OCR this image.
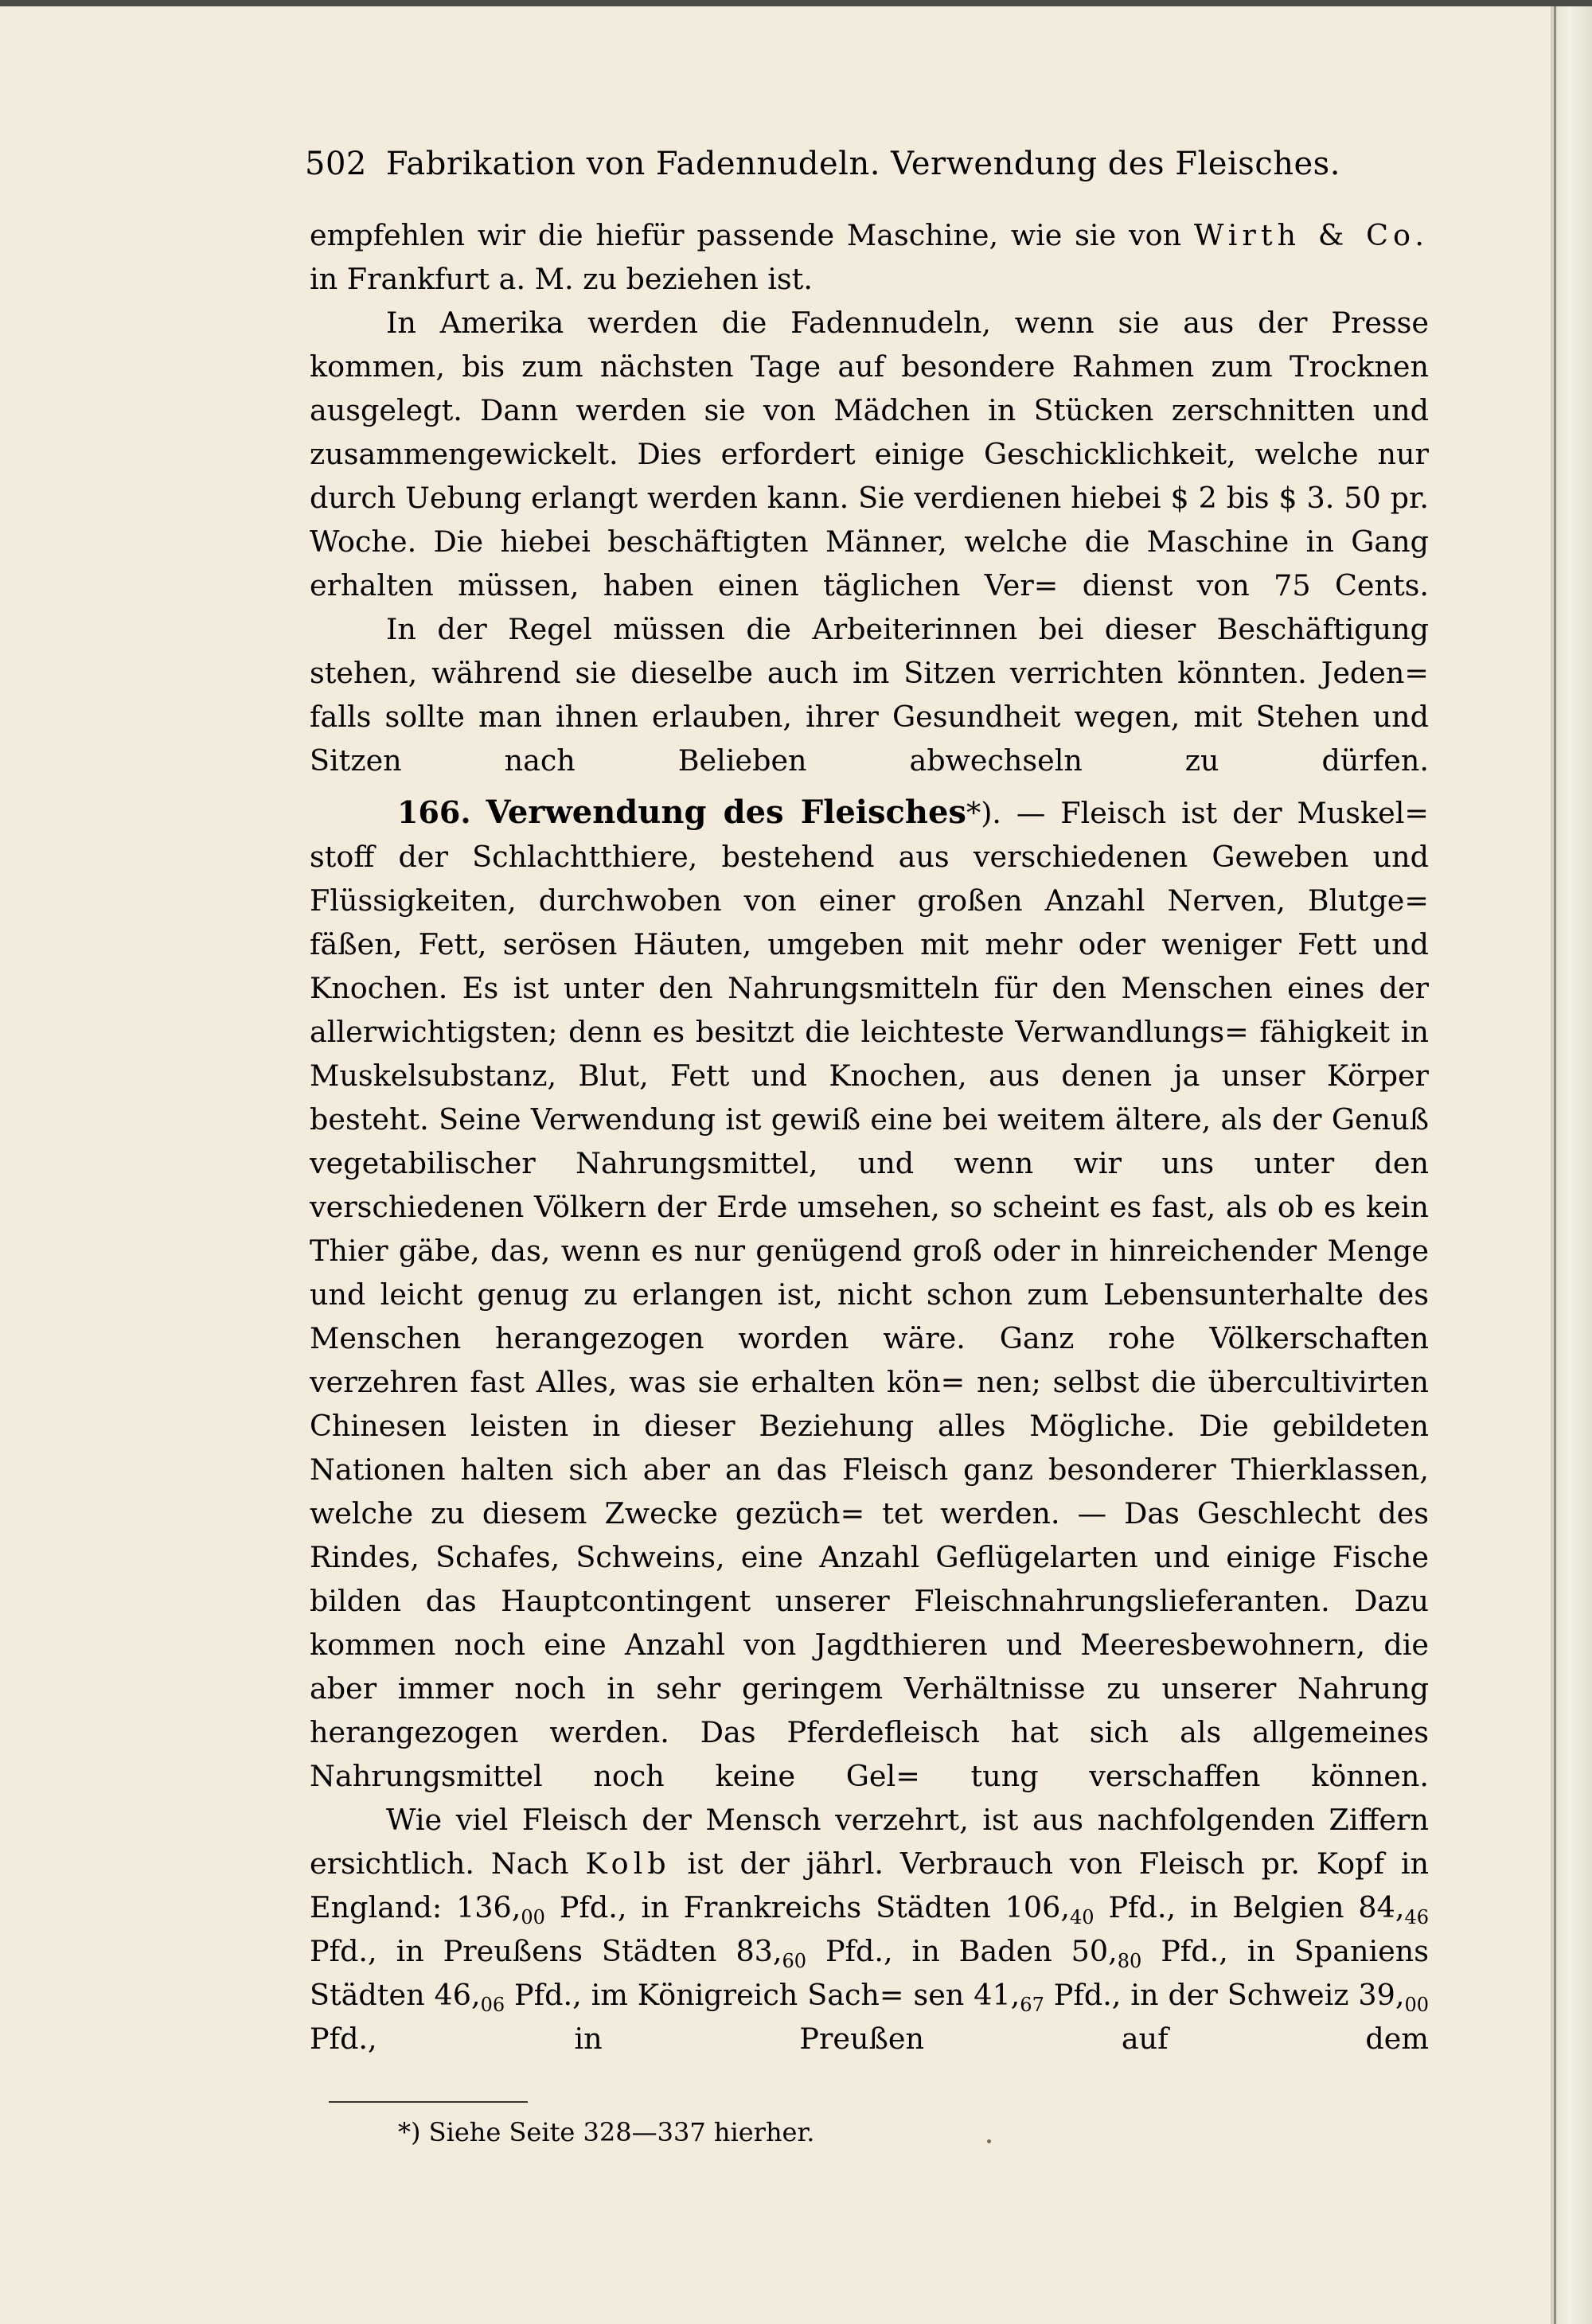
502 Fabrikation von Fadennudeln. Verwendung des Fleisches.

empfehlen wir die hiefür passende Maschine, wie sie von Wirth & Co.

in Frankfurt a. M. zu beziehen ist.

In Amerika werden die Fadennudeln, wenn sie aus der Presse kommen, bis zum nächsten Tage auf besondere Rahmen zum Trocknen ausgelegt. Dann werden sie von Mädchen in Stücken zerschnitten und zusammengewickelt. Dies erfordert einige Geschicklichkeit, welche nur durch Uebung erlangt werden kann. Sie verdienen hiebei $ 2 bis $ 3. 50 pr. Woche. Die hiebei beschäftigten Männer, welche die Maschine in Gang erhalten müssen, haben einen täglichen Ver= dienst von 75 Cents.

In der Regel müssen die Arbeiterinnen bei dieser Beschäftigung stehen, während sie dieselbe auch im Sitzen verrichten könnten. Jeden= falls sollte man ihnen erlauben, ihrer Gesundheit wegen, mit Stehen und Sitzen nach Belieben abwechseln zu dürfen.

166. Verwendung des Fleisches*). — Fleisch ist der Muskel= stoff der Schlachtthiere, bestehend aus verschiedenen Geweben und Flüssigkeiten, durchwoben von einer großen Anzahl Nerven, Blutge= fäßen, Fett, serösen Häuten, umgeben mit mehr oder weniger Fett und Knochen. Es ist unter den Nahrungsmitteln für den Menschen eines der allerwichtigsten; denn es besitzt die leichteste Verwandlungs= fähigkeit in Muskelsubstanz, Blut, Fett und Knochen, aus denen ja unser Körper besteht. Seine Verwendung ist gewiß eine bei weitem ältere, als der Genuß vegetabilischer Nahrungsmittel, und wenn wir uns unter den verschiedenen Völkern der Erde umsehen, so scheint es fast, als ob es kein Thier gäbe, das, wenn es nur genügend groß oder in hinreichender Menge und leicht genug zu erlangen ist, nicht schon zum Lebensunterhalte des Menschen herangezogen worden wäre. Ganz rohe Völkerschaften verzehren fast Alles, was sie erhalten kön= nen; selbst die übercultivirten Chinesen leisten in dieser Beziehung alles Mögliche. Die gebildeten Nationen halten sich aber an das Fleisch ganz besonderer Thierklassen, welche zu diesem Zwecke gezüch= tet werden. — Das Geschlecht des Rindes, Schafes, Schweins, eine Anzahl Geflügelarten und einige Fische bilden das Hauptcontingent unserer Fleischnahrungslieferanten. Dazu kommen noch eine Anzahl von Jagdthieren und Meeresbewohnern, die aber immer noch in sehr geringem Verhältnisse zu unserer Nahrung herangezogen werden. Das Pferdefleisch hat sich als allgemeines Nahrungsmittel noch keine Gel= tung verschaffen können.

Wie viel Fleisch der Mensch verzehrt, ist aus nachfolgenden Ziffern ersichtlich. Nach Kolb ist der jährl. Verbrauch von Fleisch pr. Kopf in England: $136,_{00}$ Pfd., in Frankreichs Städten $106,_{40}$ Pfd., in Belgien $84,_{46}$ Pfd., in Preußens Städten $83,_{60}$ Pfd., in Baden $50,_{80}$ Pfd., in Spaniens Städten $46,_{06}$ Pfd., im Königreich Sach= sen $41,_{67}$ Pfd., in der Schweiz $39,_{00}$ Pfd., in Preußen auf dem

*) Siehe Seite 328—337 hierher.
